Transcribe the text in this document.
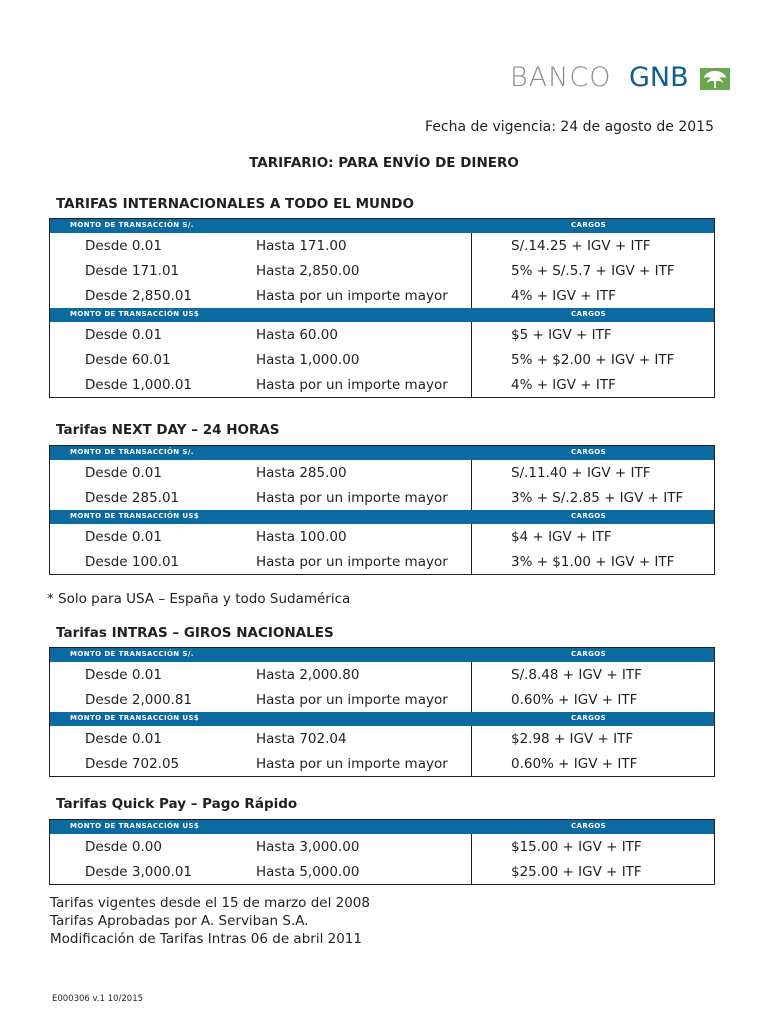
BANCO GNB
Fecha de vigencia: 24 de agosto de 2015
TARIFARIO: PARA ENVÍO DE DINERO
TARIFAS INTERNACIONALES A TODO EL MUNDO
MONTO DE TRANSACCIÓN S/.	CARGOS
Desde 0.01	Hasta 171.00	S/.14.25 + IGV + ITF
Desde 171.01	Hasta 2,850.00	5% + S/.5.7 + IGV + ITF
Desde 2,850.01	Hasta por un importe mayor	4% + IGV + ITF
MONTO DE TRANSACCIÓN US$	CARGOS
Desde 0.01	Hasta 60.00	$5 + IGV + ITF
Desde 60.01	Hasta 1,000.00	5% + $2.00 + IGV + ITF
Desde 1,000.01	Hasta por un importe mayor	4% + IGV + ITF
Tarifas NEXT DAY – 24 HORAS
MONTO DE TRANSACCIÓN S/.	CARGOS
Desde 0.01	Hasta 285.00	S/.11.40 + IGV + ITF
Desde 285.01	Hasta por un importe mayor	3% + S/.2.85 + IGV + ITF
MONTO DE TRANSACCIÓN US$	CARGOS
Desde 0.01	Hasta 100.00	$4 + IGV + ITF
Desde 100.01	Hasta por un importe mayor	3% + $1.00 + IGV + ITF
* Solo para USA – España y todo Sudamérica
Tarifas INTRAS – GIROS NACIONALES
MONTO DE TRANSACCIÓN S/.	CARGOS
Desde 0.01	Hasta 2,000.80	S/.8.48 + IGV + ITF
Desde 2,000.81	Hasta por un importe mayor	0.60% + IGV + ITF
MONTO DE TRANSACCIÓN US$	CARGOS
Desde 0.01	Hasta 702.04	$2.98 + IGV + ITF
Desde 702.05	Hasta por un importe mayor	0.60% + IGV + ITF
Tarifas Quick Pay – Pago Rápido
MONTO DE TRANSACCIÓN US$	CARGOS
Desde 0.00	Hasta 3,000.00	$15.00 + IGV + ITF
Desde 3,000.01	Hasta 5,000.00	$25.00 + IGV + ITF
Tarifas vigentes desde el 15 de marzo del 2008
Tarifas Aprobadas por A. Serviban S.A.
Modificación de Tarifas Intras 06 de abril 2011
E000306 v.1 10/2015
